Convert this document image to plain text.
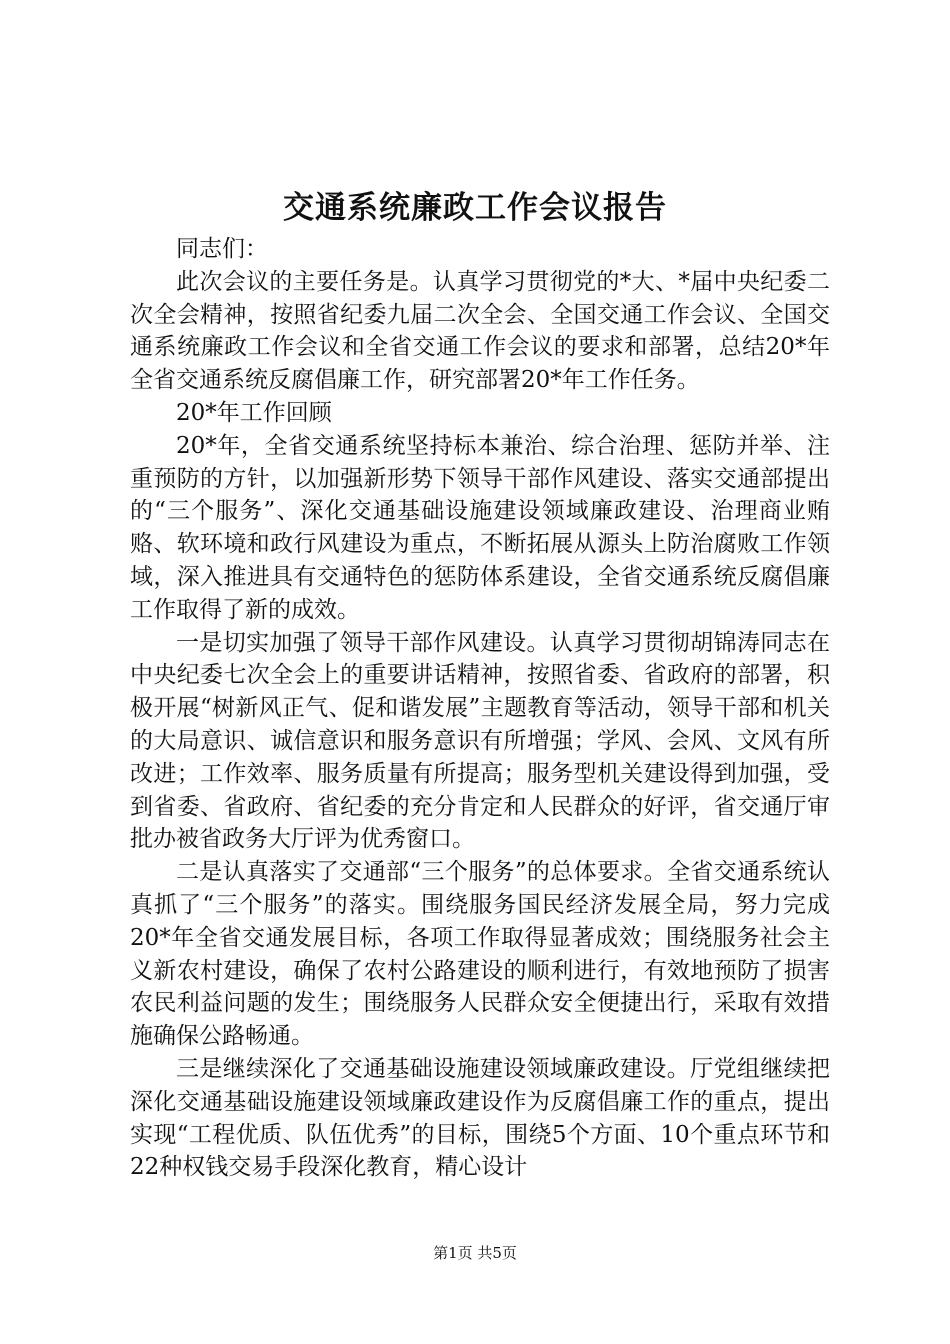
交通系统廉政工作会议报告

同志们：

此次会议的主要任务是。认真学习贯彻党的*大、*届中央纪委二次全会精神，按照省纪委九届二次全会、全国交通工作会议、全国交通系统廉政工作会议和全省交通工作会议的要求和部署，总结20*年全省交通系统反腐倡廉工作，研究部署20*年工作任务。

20*年工作回顾

20*年，全省交通系统坚持标本兼治、综合治理、惩防并举、注重预防的方针，以加强新形势下领导干部作风建设、落实交通部提出的“三个服务”、深化交通基础设施建设领域廉政建设、治理商业贿赂、软环境和政行风建设为重点，不断拓展从源头上防治腐败工作领域，深入推进具有交通特色的惩防体系建设，全省交通系统反腐倡廉工作取得了新的成效。

一是切实加强了领导干部作风建设。认真学习贯彻胡锦涛同志在中央纪委七次全会上的重要讲话精神，按照省委、省政府的部署，积极开展“树新风正气、促和谐发展”主题教育等活动，领导干部和机关的大局意识、诚信意识和服务意识有所增强；学风、会风、文风有所改进；工作效率、服务质量有所提高；服务型机关建设得到加强，受到省委、省政府、省纪委的充分肯定和人民群众的好评，省交通厅审批办被省政务大厅评为优秀窗口。

二是认真落实了交通部“三个服务”的总体要求。全省交通系统认真抓了“三个服务”的落实。围绕服务国民经济发展全局，努力完成20*年全省交通发展目标，各项工作取得显著成效；围绕服务社会主义新农村建设，确保了农村公路建设的顺利进行，有效地预防了损害农民利益问题的发生；围绕服务人民群众安全便捷出行，采取有效措施确保公路畅通。

三是继续深化了交通基础设施建设领域廉政建设。厅党组继续把深化交通基础设施建设领域廉政建设作为反腐倡廉工作的重点，提出实现“工程优质、队伍优秀”的目标，围绕5个方面、10个重点环节和22种权钱交易手段深化教育，精心设计

第1页 共5页
